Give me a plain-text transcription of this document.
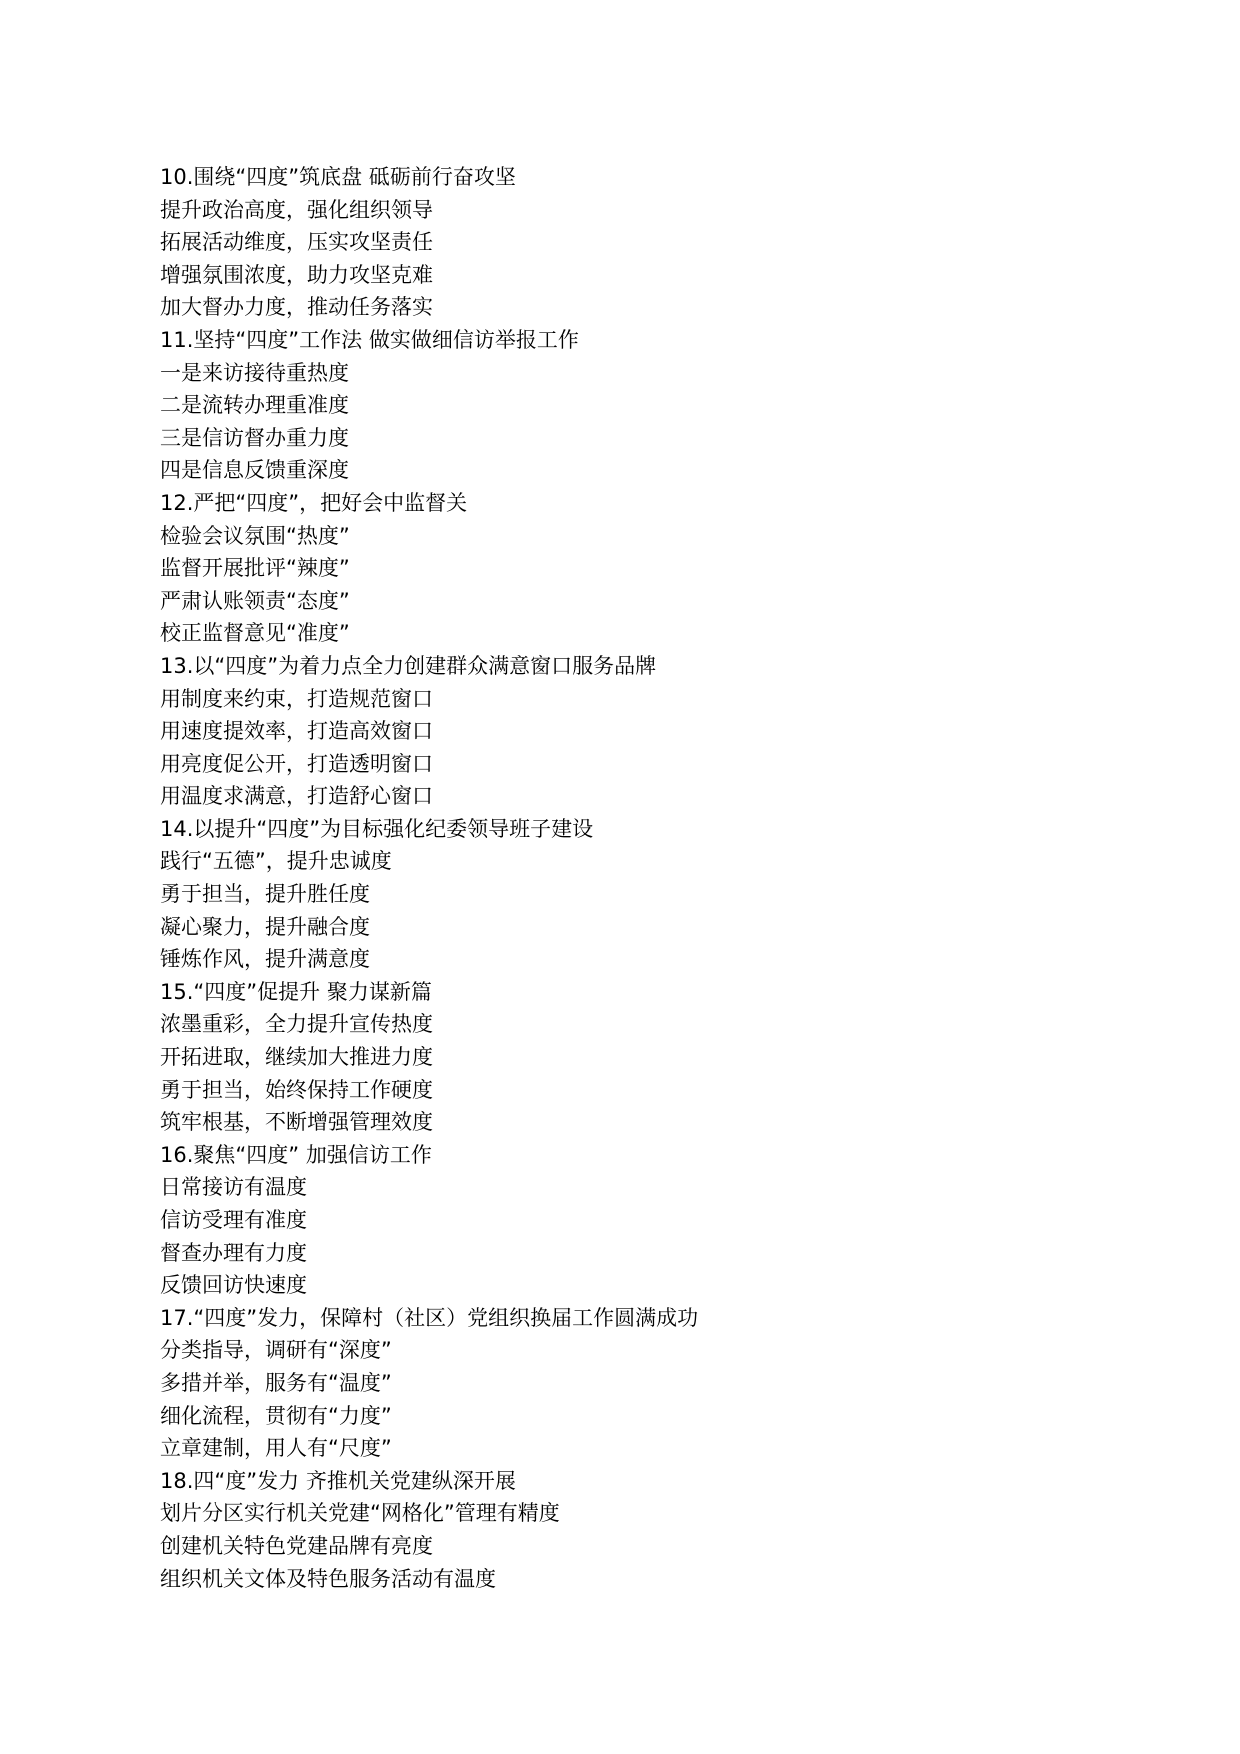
10.围绕“四度”筑底盘 砥砺前行奋攻坚
提升政治高度，强化组织领导
拓展活动维度，压实攻坚责任
增强氛围浓度，助力攻坚克难
加大督办力度，推动任务落实
11.坚持“四度”工作法 做实做细信访举报工作
一是来访接待重热度
二是流转办理重准度
三是信访督办重力度
四是信息反馈重深度
12.严把“四度”，把好会中监督关
检验会议氛围“热度”
监督开展批评“辣度”
严肃认账领责“态度”
校正监督意见“准度”
13.以“四度”为着力点全力创建群众满意窗口服务品牌
用制度来约束，打造规范窗口
用速度提效率，打造高效窗口
用亮度促公开，打造透明窗口
用温度求满意，打造舒心窗口
14.以提升“四度”为目标强化纪委领导班子建设
践行“五德”，提升忠诚度
勇于担当，提升胜任度
凝心聚力，提升融合度
锤炼作风，提升满意度
15.“四度”促提升 聚力谋新篇
浓墨重彩，全力提升宣传热度
开拓进取，继续加大推进力度
勇于担当，始终保持工作硬度
筑牢根基，不断增强管理效度
16.聚焦“四度” 加强信访工作
日常接访有温度
信访受理有准度
督查办理有力度
反馈回访快速度
17.“四度”发力，保障村（社区）党组织换届工作圆满成功
分类指导，调研有“深度”
多措并举，服务有“温度”
细化流程，贯彻有“力度”
立章建制，用人有“尺度”
18.四“度”发力 齐推机关党建纵深开展
划片分区实行机关党建“网格化”管理有精度
创建机关特色党建品牌有亮度
组织机关文体及特色服务活动有温度
